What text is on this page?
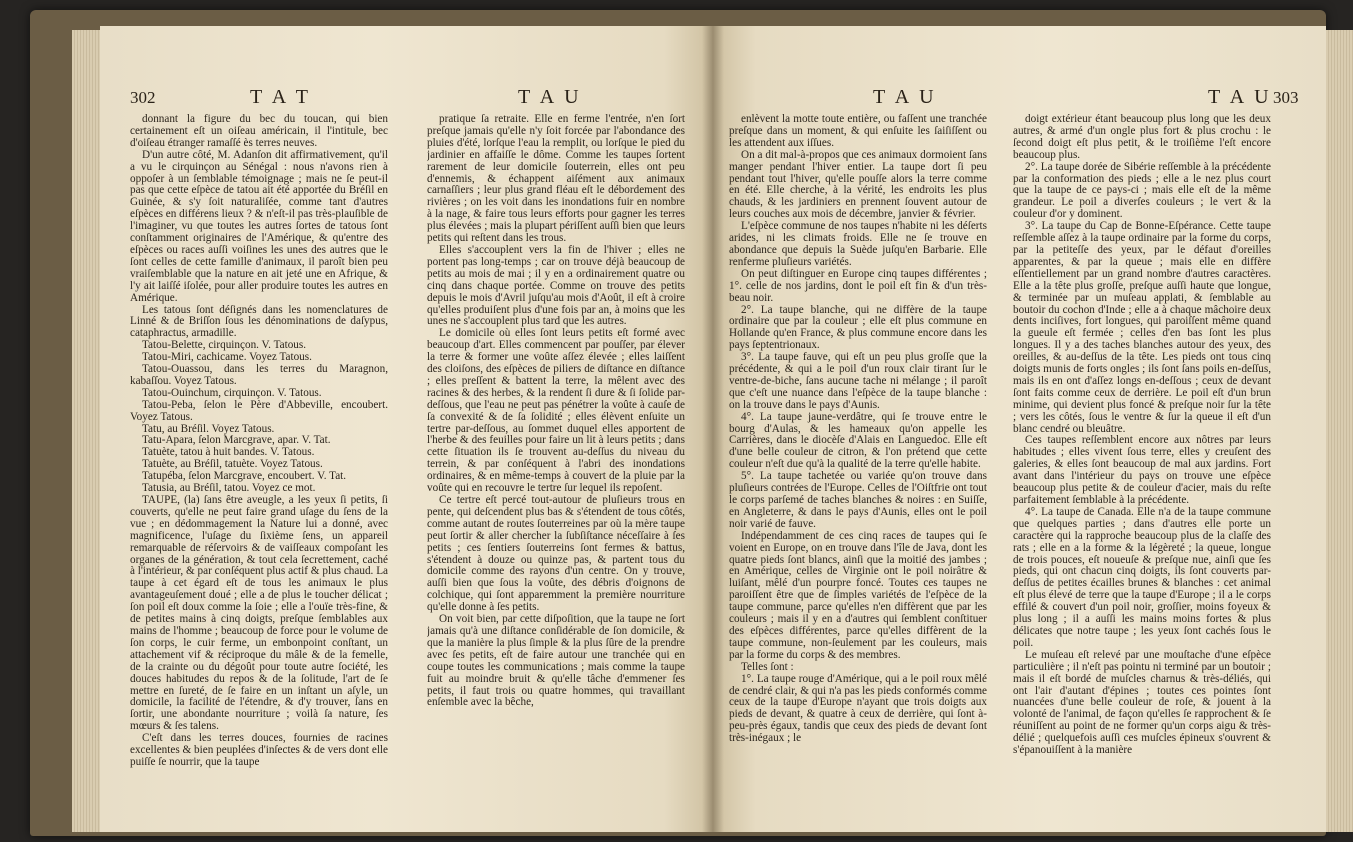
302	T A T	T A U

donnant la figure du bec du toucan, qui bien certainement eſt un oiſeau américain, il l'intitule, bec d'oiſeau étranger ramaſſé ès terres neuves.

D'un autre côté, M. Adanſon dit affirmativement, qu'il a vu le cirquinçon au Sénégal : nous n'avons rien à oppoſer à un ſemblable témoignage ; mais ne ſe peut-il pas que cette eſpèce de tatou ait été apportée du Bréſil en Guinée, & s'y ſoit naturaliſée, comme tant d'autres eſpèces en différens lieux ? & n'eſt-il pas très-plauſible de l'imaginer, vu que toutes les autres ſortes de tatous ſont conſtamment originaires de l'Amérique, & qu'entre des eſpèces ou races auſſi voiſines les unes des autres que le ſont celles de cette famille d'animaux, il paroît bien peu vraiſemblable que la nature en ait jeté une en Afrique, & l'y ait laiſſé iſolée, pour aller produire toutes les autres en Amérique.

Les tatous ſont déſignés dans les nomenclatures de Linné & de Briſſon ſous les dénominations de daſypus, cataphractus, armadille.

Tatou-Belette, cirquinçon. V. Tatous.

Tatou-Miri, cachicame. Voyez Tatous.

Tatou-Ouassou, dans les terres du Maragnon, kabaſſou. Voyez Tatous.

Tatou-Ouinchum, cirquinçon. V. Tatous.

Tatou-Peba, ſelon le Père d'Abbeville, encoubert. Voyez Tatous.

Tatu, au Bréſil. Voyez Tatous.

Tatu-Apara, ſelon Marcgrave, apar. V. Tat.

Tatuète, tatou à huit bandes. V. Tatous.

Tatuète, au Bréſil, tatuète. Voyez Tatous.

Tatupéba, ſelon Marcgrave, encoubert. V. Tat.

Tatusia, au Bréſil, tatou. Voyez ce mot.

TAUPE, (la) ſans être aveugle, a les yeux ſi petits, ſi couverts, qu'elle ne peut faire grand uſage du ſens de la vue ; en dédommagement la Nature lui a donné, avec magnificence, l'uſage du ſixième ſens, un appareil remarquable de réſervoirs & de vaiſſeaux compoſant les organes de la génération, & tout cela ſecrettement, caché à l'intérieur, & par conſéquent plus actif & plus chaud. La taupe à cet égard eſt de tous les animaux le plus avantageuſement doué ; elle a de plus le toucher délicat ; ſon poil eſt doux comme la ſoie ; elle a l'ouïe très-fine, & de petites mains à cinq doigts, preſque ſemblables aux mains de l'homme ; beaucoup de force pour le volume de ſon corps, le cuir ferme, un embonpoint conſtant, un attachement vif & réciproque du mâle & de la femelle, de la crainte ou du dégoût pour toute autre ſociété, les douces habitudes du repos & de la ſolitude, l'art de ſe mettre en ſureté, de ſe faire en un inſtant un aſyle, un domicile, la facilité de l'étendre, & d'y trouver, ſans en ſortir, une abondante nourriture ; voilà ſa nature, ſes mœurs & ſes talens.

C'eſt dans les terres douces, fournies de racines excellentes & bien peuplées d'inſectes & de vers dont elle puiſſe ſe nourrir, que la taupe

pratique ſa retraite. Elle en ferme l'entrée, n'en ſort preſque jamais qu'elle n'y ſoit forcée par l'abondance des pluies d'été, lorſque l'eau la remplit, ou lorſque le pied du jardinier en affaiſſe le dôme. Comme les taupes ſortent rarement de leur domicile ſouterrein, elles ont peu d'ennemis, & échappent aiſément aux animaux carnaſſiers ; leur plus grand fléau eſt le débordement des rivières ; on les voit dans les inondations fuir en nombre à la nage, & faire tous leurs efforts pour gagner les terres plus élevées ; mais la plupart périſſent auſſi bien que leurs petits qui reſtent dans les trous.

Elles s'accouplent vers la fin de l'hiver ; elles ne portent pas long-temps ; car on trouve déjà beaucoup de petits au mois de mai ; il y en a ordinairement quatre ou cinq dans chaque portée. Comme on trouve des petits depuis le mois d'Avril juſqu'au mois d'Août, il eſt à croire qu'elles produiſent plus d'une fois par an, à moins que les unes ne s'accouplent plus tard que les autres.

Le domicile où elles ſont leurs petits eſt formé avec beaucoup d'art. Elles commencent par pouſſer, par élever la terre & former une voûte aſſez élevée ; elles laiſſent des cloiſons, des eſpèces de piliers de diſtance en diſtance ; elles preſſent & battent la terre, la mêlent avec des racines & des herbes, & la rendent ſi dure & ſi ſolide par-deſſous, que l'eau ne peut pas pénétrer la voûte à cauſe de ſa convexité & de ſa ſolidité ; elles élèvent enſuite un tertre par-deſſous, au ſommet duquel elles apportent de l'herbe & des feuilles pour faire un lit à leurs petits ; dans cette ſituation ils ſe trouvent au-deſſus du niveau du terrein, & par conſéquent à l'abri des inondations ordinaires, & en même-temps à couvert de la pluie par la voûte qui en recouvre le tertre ſur lequel ils repoſent.

Ce tertre eſt percé tout-autour de pluſieurs trous en pente, qui deſcendent plus bas & s'étendent de tous côtés, comme autant de routes ſouterreines par où la mère taupe peut ſortir & aller chercher la ſubſiſtance néceſſaire à ſes petits ; ces ſentiers ſouterreins ſont fermes & battus, s'étendent à douze ou quinze pas, & partent tous du domicile comme des rayons d'un centre. On y trouve, auſſi bien que ſous la voûte, des débris d'oignons de colchique, qui ſont apparemment la première nourriture qu'elle donne à ſes petits.

On voit bien, par cette diſpoſition, que la taupe ne ſort jamais qu'à une diſtance conſidérable de ſon domicile, & que la manière la plus ſimple & la plus ſûre de la prendre avec ſes petits, eſt de faire autour une tranchée qui en coupe toutes les communications ; mais comme la taupe fuit au moindre bruit & qu'elle tâche d'emmener ſes petits, il faut trois ou quatre hommes, qui travaillant enſemble avec la bêche,

T A U	T A U 303

enlèvent la motte toute entière, ou faſſent une tranchée preſque dans un moment, & qui enſuite les ſaiſiſſent ou les attendent aux iſſues.

On a dit mal-à-propos que ces animaux dormoient ſans manger pendant l'hiver entier. La taupe dort ſi peu pendant tout l'hiver, qu'elle pouſſe alors la terre comme en été. Elle cherche, à la vérité, les endroits les plus chauds, & les jardiniers en prennent ſouvent autour de leurs couches aux mois de décembre, janvier & février.

L'eſpèce commune de nos taupes n'habite ni les déſerts arides, ni les climats froids. Elle ne ſe trouve en abondance que depuis la Suède juſqu'en Barbarie. Elle renferme pluſieurs variétés.

On peut diſtinguer en Europe cinq taupes différentes ; 1°. celle de nos jardins, dont le poil eſt fin & d'un très-beau noir.

2°. La taupe blanche, qui ne diffère de la taupe ordinaire que par la couleur ; elle eſt plus commune en Hollande qu'en France, & plus commune encore dans les pays ſeptentrionaux.

3°. La taupe fauve, qui eſt un peu plus groſſe que la précédente, & qui a le poil d'un roux clair tirant ſur le ventre-de-biche, ſans aucune tache ni mélange ; il paroît que c'eſt une nuance dans l'eſpèce de la taupe blanche : on la trouve dans le pays d'Aunis.

4°. La taupe jaune-verdâtre, qui ſe trouve entre le bourg d'Aulas, & les hameaux qu'on appelle les Carrières, dans le diocèſe d'Alais en Languedoc. Elle eſt d'une belle couleur de citron, & l'on prétend que cette couleur n'eſt due qu'à la qualité de la terre qu'elle habite.

5°. La taupe tachetée ou variée qu'on trouve dans pluſieurs contrées de l'Europe. Celles de l'Oiſtfrie ont tout le corps parſemé de taches blanches & noires : en Suiſſe, en Angleterre, & dans le pays d'Aunis, elles ont le poil noir varié de fauve.

Indépendamment de ces cinq races de taupes qui ſe voient en Europe, on en trouve dans l'île de Java, dont les quatre pieds ſont blancs, ainſi que la moitié des jambes ; en Amérique, celles de Virginie ont le poil noirâtre & luiſant, mêlé d'un pourpre foncé. Toutes ces taupes ne paroiſſent être que de ſimples variétés de l'eſpèce de la taupe commune, parce qu'elles n'en diffèrent que par les couleurs ; mais il y en a d'autres qui ſemblent conſtituer des eſpèces différentes, parce qu'elles diffèrent de la taupe commune, non-ſeulement par les couleurs, mais par la forme du corps & des membres.

Telles ſont :

1°. La taupe rouge d'Amérique, qui a le poil roux mêlé de cendré clair, & qui n'a pas les pieds conformés comme ceux de la taupe d'Europe n'ayant que trois doigts aux pieds de devant, & quatre à ceux de derrière, qui ſont à-peu-près égaux, tandis que ceux des pieds de devant ſont très-inégaux ; le

doigt extérieur étant beaucoup plus long que les deux autres, & armé d'un ongle plus fort & plus crochu : le ſecond doigt eſt plus petit, & le troiſième l'eſt encore beaucoup plus.

2°. La taupe dorée de Sibérie reſſemble à la précédente par la conformation des pieds ; elle a le nez plus court que la taupe de ce pays-ci ; mais elle eſt de la même grandeur. Le poil a diverſes couleurs ; le vert & la couleur d'or y dominent.

3°. La taupe du Cap de Bonne-Eſpérance. Cette taupe reſſemble aſſez à la taupe ordinaire par la forme du corps, par la petiteſſe des yeux, par le défaut d'oreilles apparentes, & par la queue ; mais elle en diffère eſſentiellement par un grand nombre d'autres caractères. Elle a la tête plus groſſe, preſque auſſi haute que longue, & terminée par un muſeau applati, & ſemblable au boutoir du cochon d'Inde ; elle a à chaque mâchoire deux dents inciſives, fort longues, qui paroiſſent même quand la gueule eſt fermée ; celles d'en bas ſont les plus longues. Il y a des taches blanches autour des yeux, des oreilles, & au-deſſus de la tête. Les pieds ont tous cinq doigts munis de forts ongles ; ils ſont ſans poils en-deſſus, mais ils en ont d'aſſez longs en-deſſous ; ceux de devant ſont faits comme ceux de derrière. Le poil eſt d'un brun minime, qui devient plus foncé & preſque noir ſur la tête ; vers les côtés, ſous le ventre & ſur la queue il eſt d'un blanc cendré ou bleuâtre.

Ces taupes reſſemblent encore aux nôtres par leurs habitudes ; elles vivent ſous terre, elles y creuſent des galeries, & elles ſont beaucoup de mal aux jardins. Fort avant dans l'intérieur du pays on trouve une eſpèce beaucoup plus petite & de couleur d'acier, mais du reſte parfaitement ſemblable à la précédente.

4°. La taupe de Canada. Elle n'a de la taupe commune que quelques parties ; dans d'autres elle porte un caractère qui la rapproche beaucoup plus de la claſſe des rats ; elle en a la forme & la légèreté ; la queue, longue de trois pouces, eſt noueuſe & preſque nue, ainſi que ſes pieds, qui ont chacun cinq doigts, ils ſont couverts par-deſſus de petites écailles brunes & blanches : cet animal eſt plus élevé de terre que la taupe d'Europe ; il a le corps effilé & couvert d'un poil noir, groſſier, moins foyeux & plus long ; il a auſſi les mains moins fortes & plus délicates que notre taupe ; les yeux ſont cachés ſous le poil.

Le muſeau eſt relevé par une mouſtache d'une eſpèce particulière ; il n'eſt pas pointu ni terminé par un boutoir ; mais il eſt bordé de muſcles charnus & très-déliés, qui ont l'air d'autant d'épines ; toutes ces pointes ſont nuancées d'une belle couleur de roſe, & jouent à la volonté de l'animal, de façon qu'elles ſe rapprochent & ſe réuniſſent au point de ne former qu'un corps aigu & très-délié ; quelquefois auſſi ces muſcles épineux s'ouvrent & s'épanouiſſent à la manière
